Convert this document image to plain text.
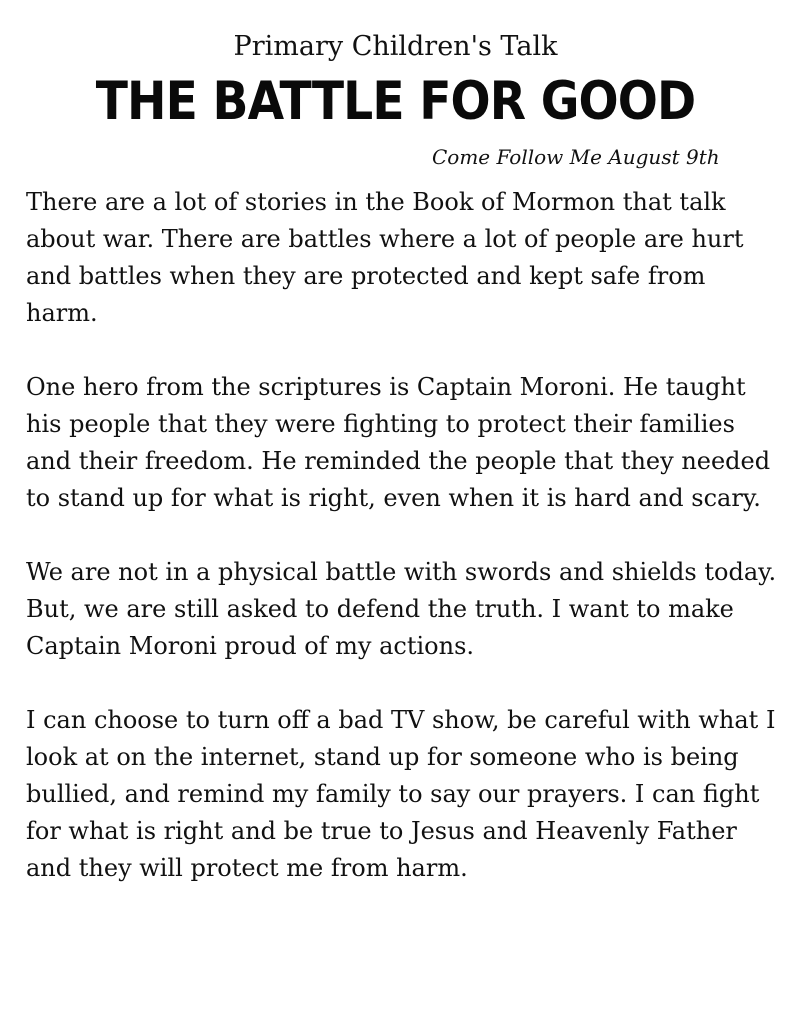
Primary Children's Talk
THE BATTLE FOR GOOD
Come Follow Me August 9th

There are a lot of stories in the Book of Mormon that talk about war. There are battles where a lot of people are hurt and battles when they are protected and kept safe from harm.

One hero from the scriptures is Captain Moroni. He taught his people that they were fighting to protect their families and their freedom. He reminded the people that they needed to stand up for what is right, even when it is hard and scary.

We are not in a physical battle with swords and shields today. But, we are still asked to defend the truth. I want to make Captain Moroni proud of my actions.

I can choose to turn off a bad TV show, be careful with what I look at on the internet, stand up for someone who is being bullied, and remind my family to say our prayers. I can fight for what is right and be true to Jesus and Heavenly Father and they will protect me from harm.
